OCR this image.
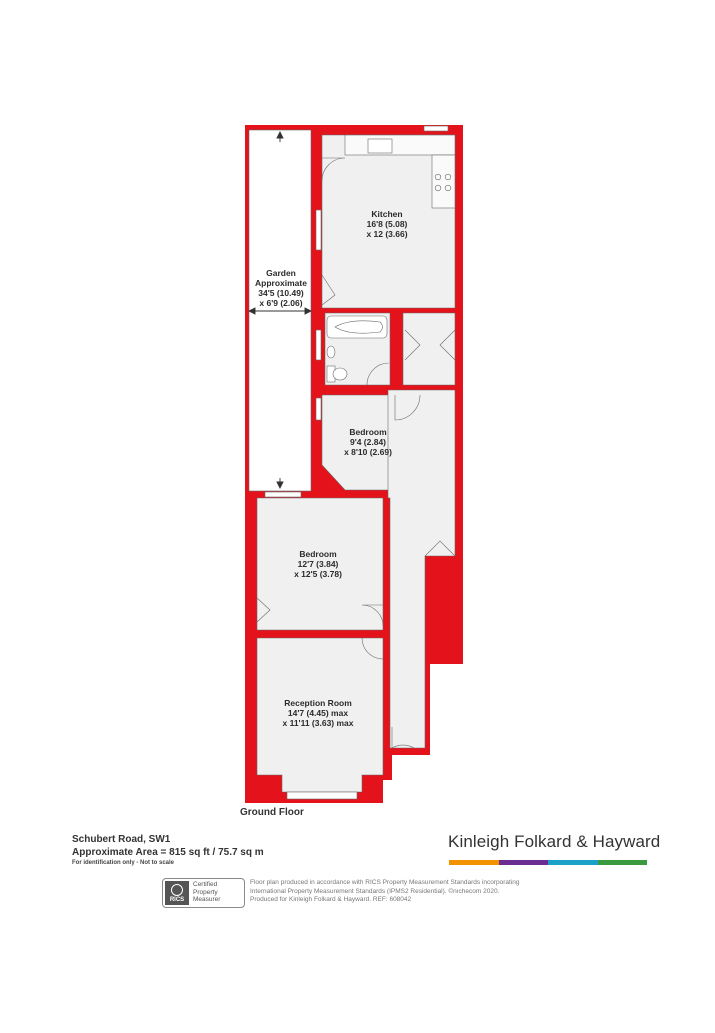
Kitchen
16'8 (5.08)
x 12 (3.66)
Garden
Approximate
34'5 (10.49)
x 6'9 (2.06)
Bedroom
9'4 (2.84)
x 8'10 (2.69)
Bedroom
12'7 (3.84)
x 12'5 (3.78)
Reception Room
14'7 (4.45) max
x 11'11 (3.63) max
Ground Floor
Schubert Road, SW1
Approximate Area = 815 sq ft / 75.7 sq m
For identification only - Not to scale
Kinleigh Folkard & Hayward
RICS
Certified
Property
Measurer
Floor plan produced in accordance with RICS Property Measurement Standards incorporating
International Property Measurement Standards (IPMS2 Residential). ©nıchecom 2020.
Produced for Kinleigh Folkard & Hayward. REF: 608042
